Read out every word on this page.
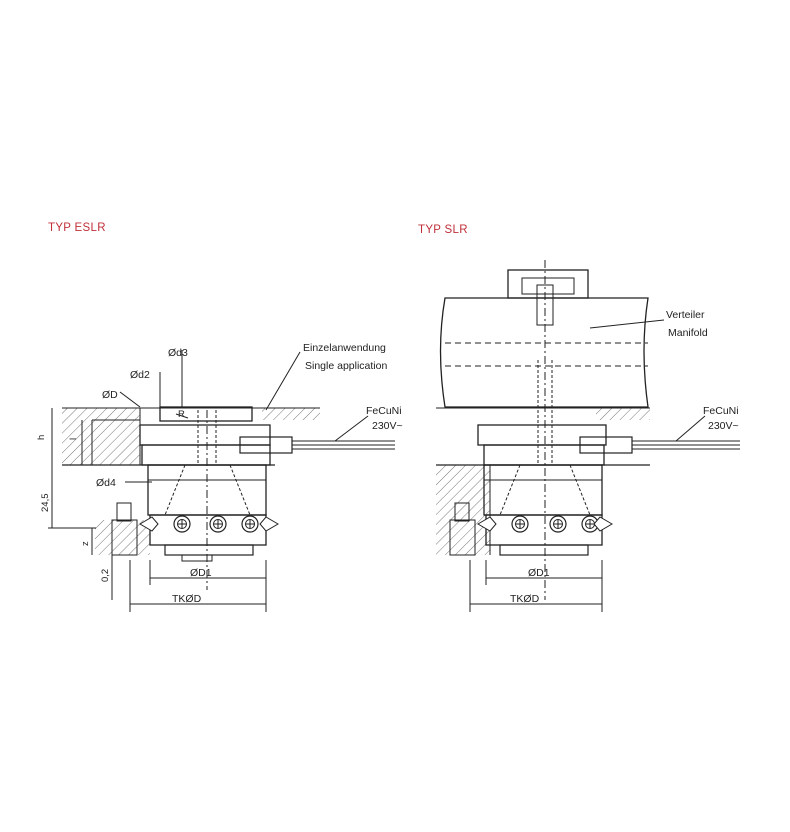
TYP ESLR	TYP SLR
Ød3
Ød2
ØD
R
h l
Ød4
24,5
z
0,2	ØD1
TKØD
Einzelanwendung
Single application
FeCuNi
230V~
Verteiler
Manifold
FeCuNi
230V~
ØD1
TKØD
